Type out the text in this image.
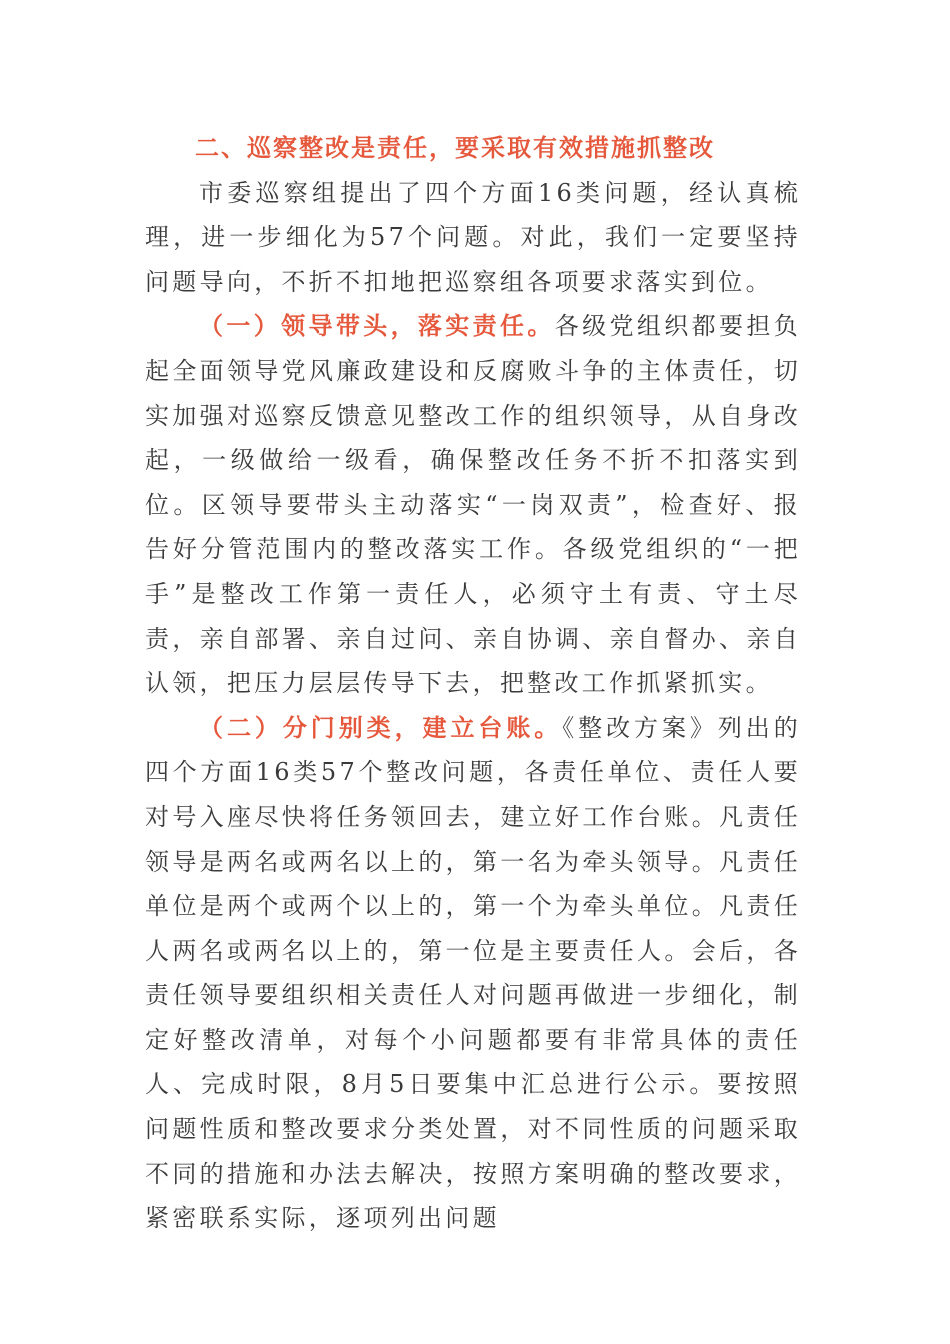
二、巡察整改是责任，要采取有效措施抓整改

市委巡察组提出了四个方面16类问题，经认真梳理，进一步细化为57个问题。对此，我们一定要坚持问题导向，不折不扣地把巡察组各项要求落实到位。

（一）领导带头，落实责任。各级党组织都要担负起全面领导党风廉政建设和反腐败斗争的主体责任，切实加强对巡察反馈意见整改工作的组织领导，从自身改起，一级做给一级看，确保整改任务不折不扣落实到位。区领导要带头主动落实“一岗双责”，检查好、报告好分管范围内的整改落实工作。各级党组织的“一把手”是整改工作第一责任人，必须守土有责、守土尽责，亲自部署、亲自过问、亲自协调、亲自督办、亲自认领，把压力层层传导下去，把整改工作抓紧抓实。

（二）分门别类，建立台账。《整改方案》列出的四个方面16类57个整改问题，各责任单位、责任人要对号入座尽快将任务领回去，建立好工作台账。凡责任领导是两名或两名以上的，第一名为牵头领导。凡责任单位是两个或两个以上的，第一个为牵头单位。凡责任人两名或两名以上的，第一位是主要责任人。会后，各责任领导要组织相关责任人对问题再做进一步细化，制定好整改清单，对每个小问题都要有非常具体的责任人、完成时限，8月5日要集中汇总进行公示。要按照问题性质和整改要求分类处置，对不同性质的问题采取不同的措施和办法去解决，按照方案明确的整改要求，紧密联系实际，逐项列出问题
